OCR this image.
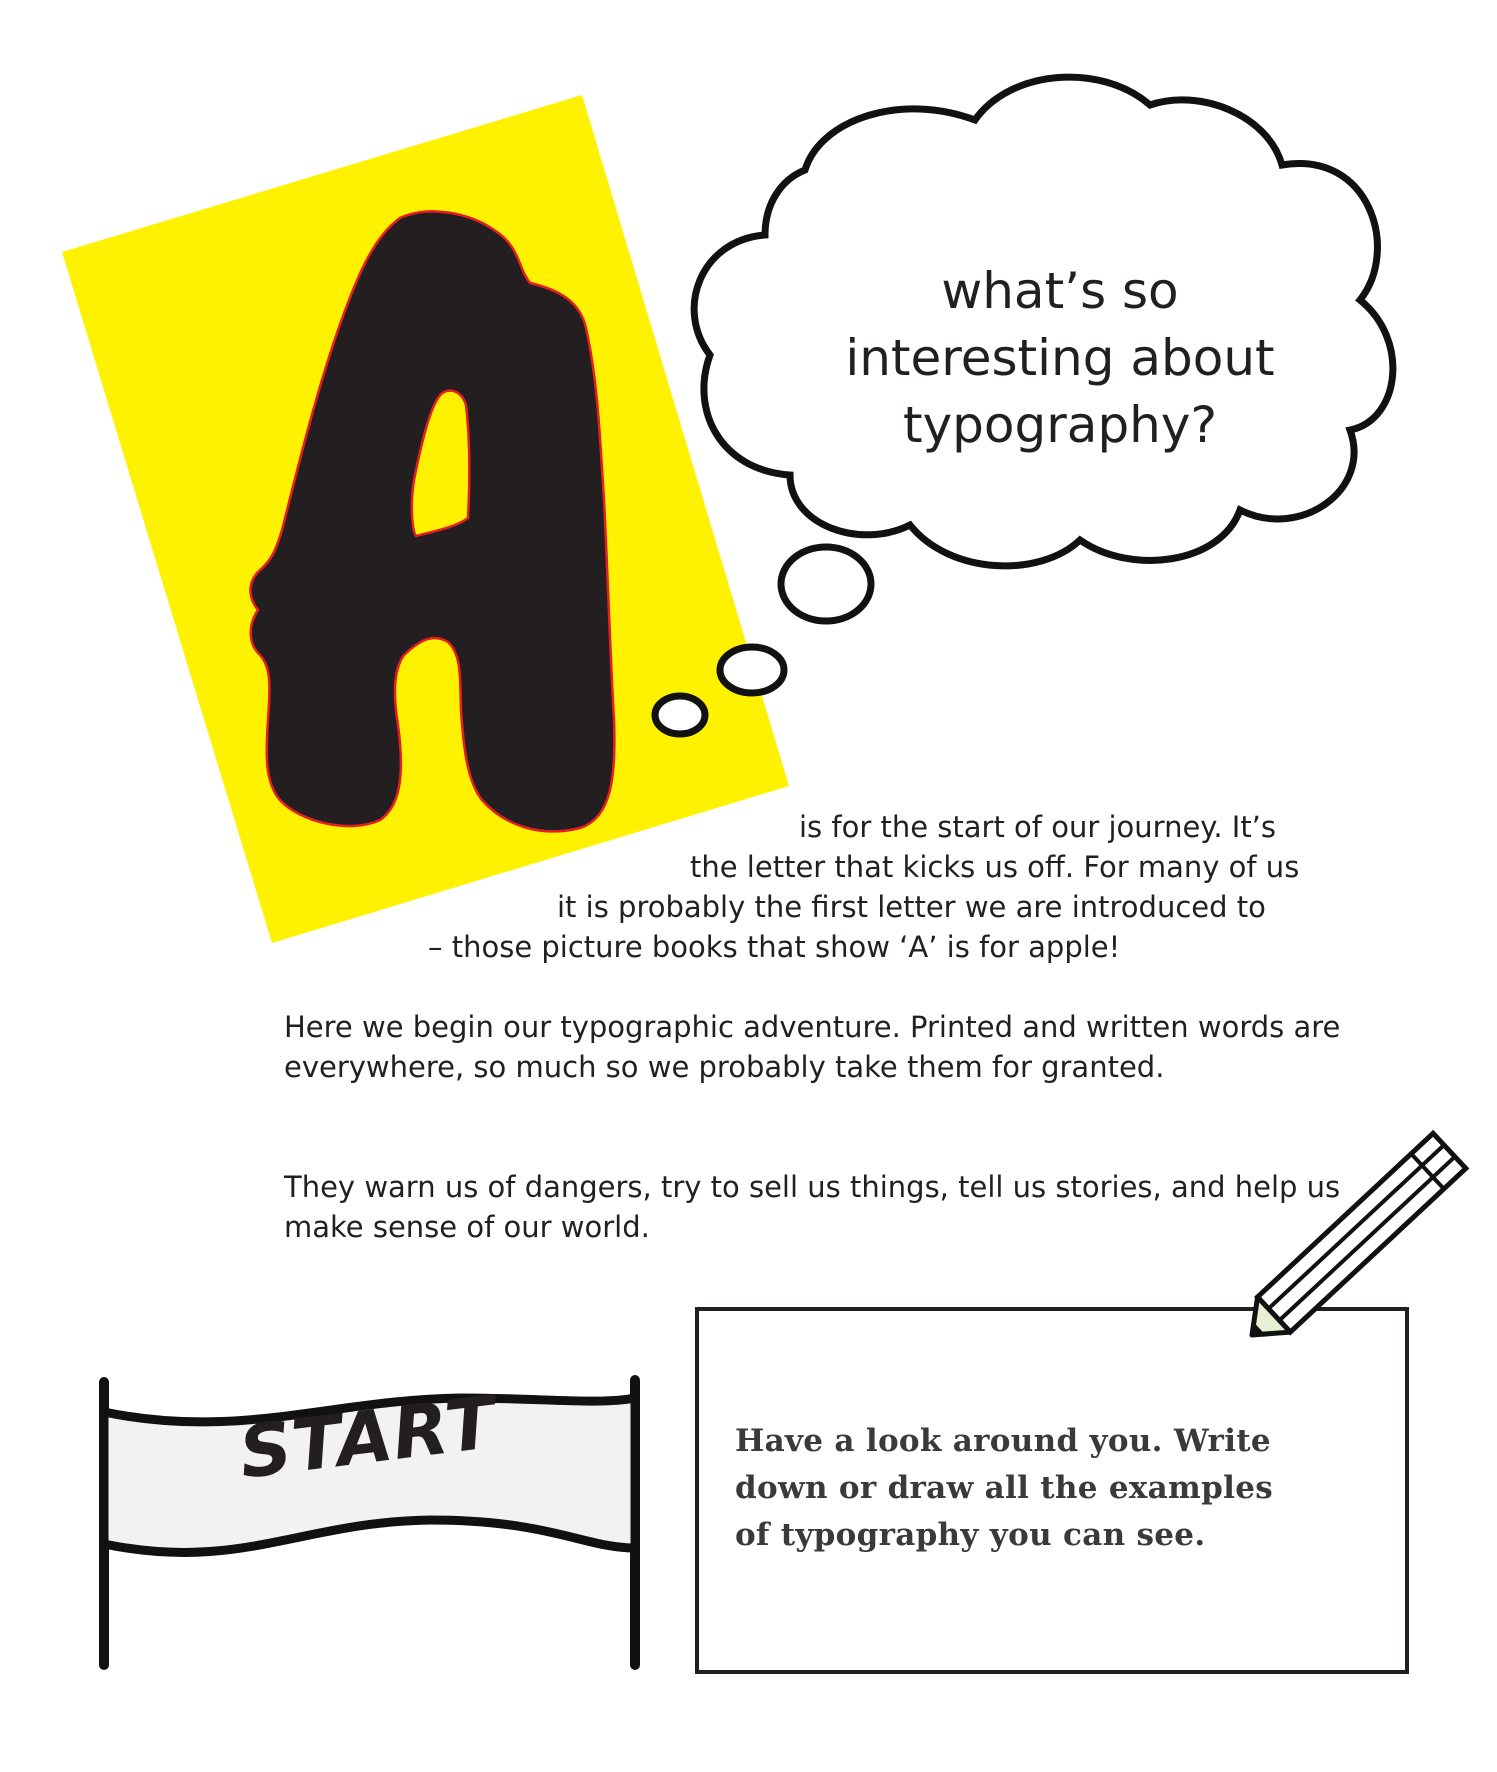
what’s so
interesting about
typography?
is for the start of our journey. It’s
the letter that kicks us off. For many of us
it is probably the first letter we are introduced to
– those picture books that show ‘A’ is for apple!

Here we begin our typographic adventure. Printed and written words are everywhere, so much so we probably take them for granted.

They warn us of dangers, try to sell us things, tell us stories, and help us make sense of our world.

START	Have a look around you. Write
down or draw all the examples
of typography you can see.
